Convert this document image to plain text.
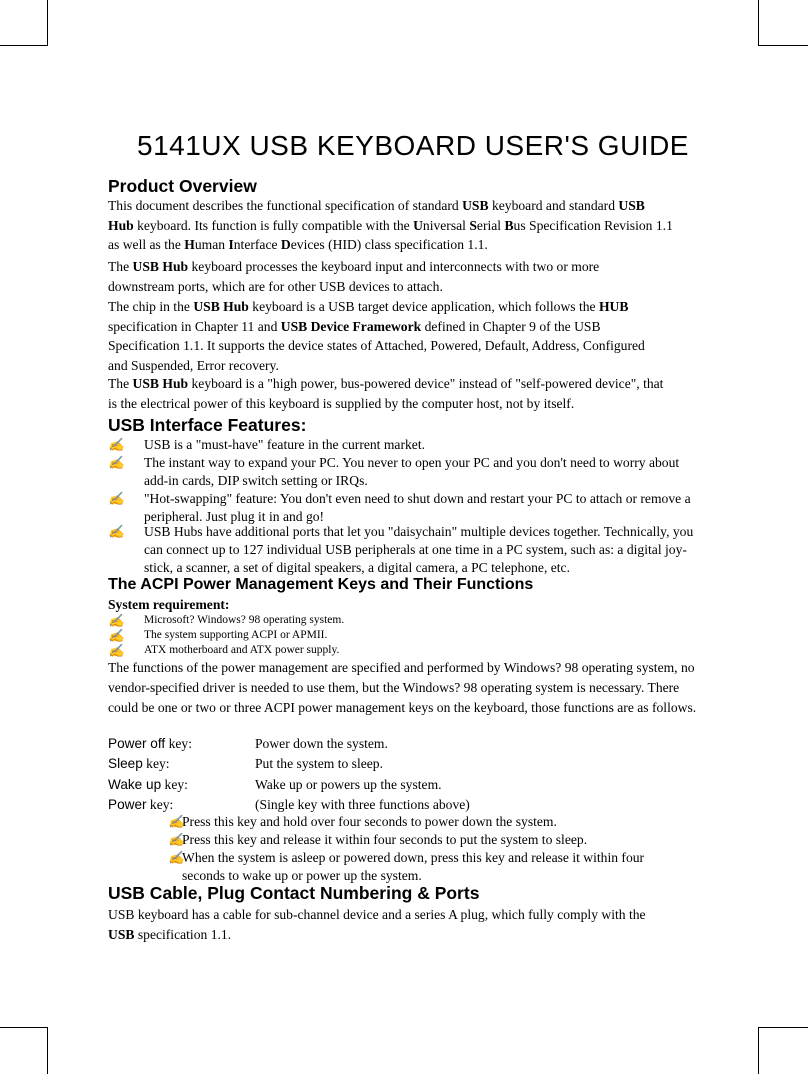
5141UX USB KEYBOARD USER'S GUIDE
Product Overview

This document describes the functional specification of standard USB keyboard and standard USB
Hub keyboard. Its function is fully compatible with the Universal Serial Bus Specification Revision 1.1
as well as the Human Interface Devices (HID) class specification 1.1.

The USB Hub keyboard processes the keyboard input and interconnects with two or more
downstream ports, which are for other USB devices to attach.

The chip in the USB Hub keyboard is a USB target device application, which follows the HUB
specification in Chapter 11 and USB Device Framework defined in Chapter 9 of the USB
Specification 1.1. It supports the device states of Attached, Powered, Default, Address, Configured
and Suspended, Error recovery.

The USB Hub keyboard is a "high power, bus-powered device" instead of "self-powered device", that
is the electrical power of this keyboard is supplied by the computer host, not by itself.

USB Interface Features:
✍ USB is a "must-have" feature in the current market.
✍ The instant way to expand your PC. You never to open your PC and you don't need to worry about add-in cards, DIP switch setting or IRQs.
✍ "Hot-swapping" feature: You don't even need to shut down and restart your PC to attach or remove a peripheral. Just plug it in and go!
✍ USB Hubs have additional ports that let you "daisychain" multiple devices together. Technically, you can connect up to 127 individual USB peripherals at one time in a PC system, such as: a digital joy-stick, a scanner, a set of digital speakers, a digital camera, a PC telephone, etc.
The ACPI Power Management Keys and Their Functions
System requirement:
✍ Microsoft? Windows? 98 operating system.
✍ The system supporting ACPI or APMII.
✍ ATX motherboard and ATX power supply.

The functions of the power management are specified and performed by Windows? 98 operating system, no vendor-specified driver is needed to use them, but the Windows? 98 operating system is necessary. There could be one or two or three ACPI power management keys on the keyboard, those functions are as follows.

Power off key:	Power down the system.
Sleep key:	Put the system to sleep.
Wake up key:	Wake up or powers up the system.
Power key:	(Single key with three functions above)
✍
Press this key and hold over four seconds to power down the system.
✍
Press this key and release it within four seconds to put the system to sleep.
✍
When the system is asleep or powered down, press this key and release it within four seconds to wake up or power up the system.
USB Cable, Plug Contact Numbering & Ports

USB keyboard has a cable for sub-channel device and a series A plug, which fully comply with the
USB specification 1.1.
